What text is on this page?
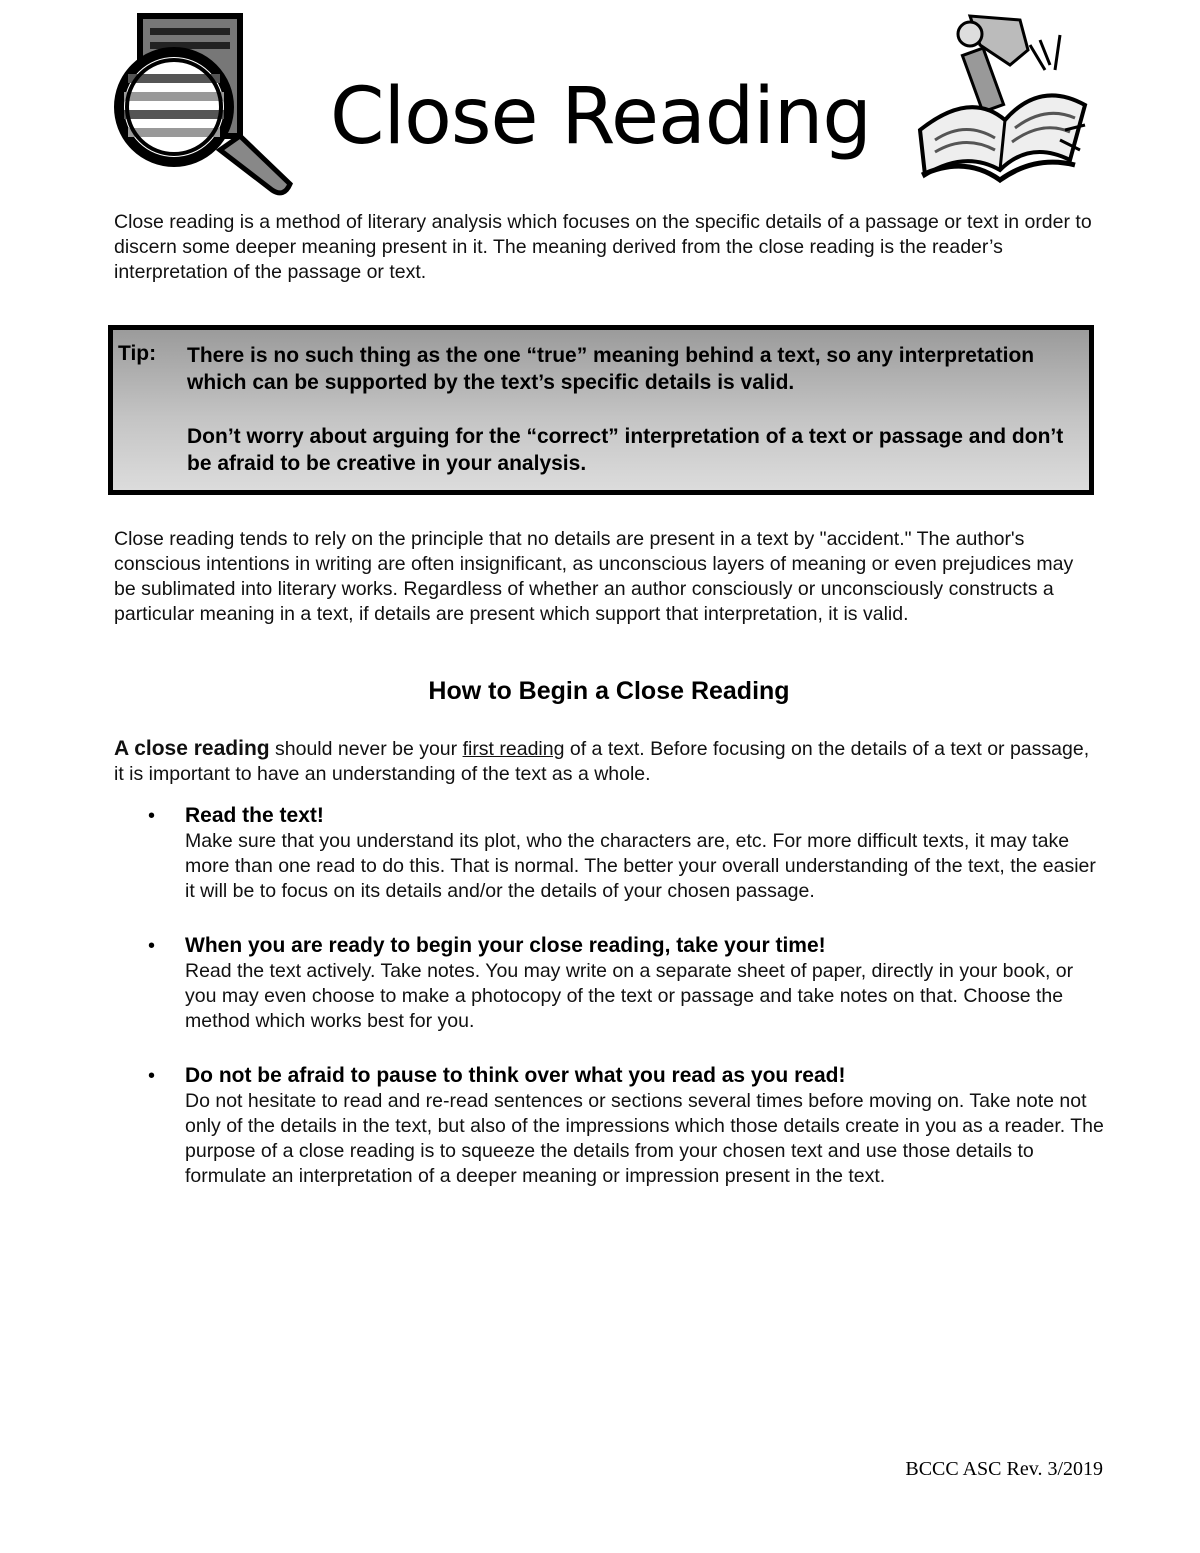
Close Reading

Close reading is a method of literary analysis which focuses on the specific details of a passage or text in order to discern some deeper meaning present in it. The meaning derived from the close reading is the reader’s interpretation of the passage or text.

Tip: There is no such thing as the one “true” meaning behind a text, so any interpretation which can be supported by the text’s specific details is valid.

Don’t worry about arguing for the “correct” interpretation of a text or passage and don’t be afraid to be creative in your analysis.

Close reading tends to rely on the principle that no details are present in a text by "accident." The author's conscious intentions in writing are often insignificant, as unconscious layers of meaning or even prejudices may be sublimated into literary works. Regardless of whether an author consciously or unconsciously constructs a particular meaning in a text, if details are present which support that interpretation, it is valid.

How to Begin a Close Reading

A close reading should never be your first reading of a text. Before focusing on the details of a text or passage, it is important to have an understanding of the text as a whole.

• Read the text!
Make sure that you understand its plot, who the characters are, etc. For more difficult texts, it may take more than one read to do this. That is normal. The better your overall understanding of the text, the easier it will be to focus on its details and/or the details of your chosen passage.
• When you are ready to begin your close reading, take your time!
Read the text actively. Take notes. You may write on a separate sheet of paper, directly in your book, or you may even choose to make a photocopy of the text or passage and take notes on that. Choose the method which works best for you.
• Do not be afraid to pause to think over what you read as you read!
Do not hesitate to read and re-read sentences or sections several times before moving on. Take note not only of the details in the text, but also of the impressions which those details create in you as a reader. The purpose of a close reading is to squeeze the details from your chosen text and use those details to formulate an interpretation of a deeper meaning or impression present in the text.

BCCC ASC Rev. 3/2019
